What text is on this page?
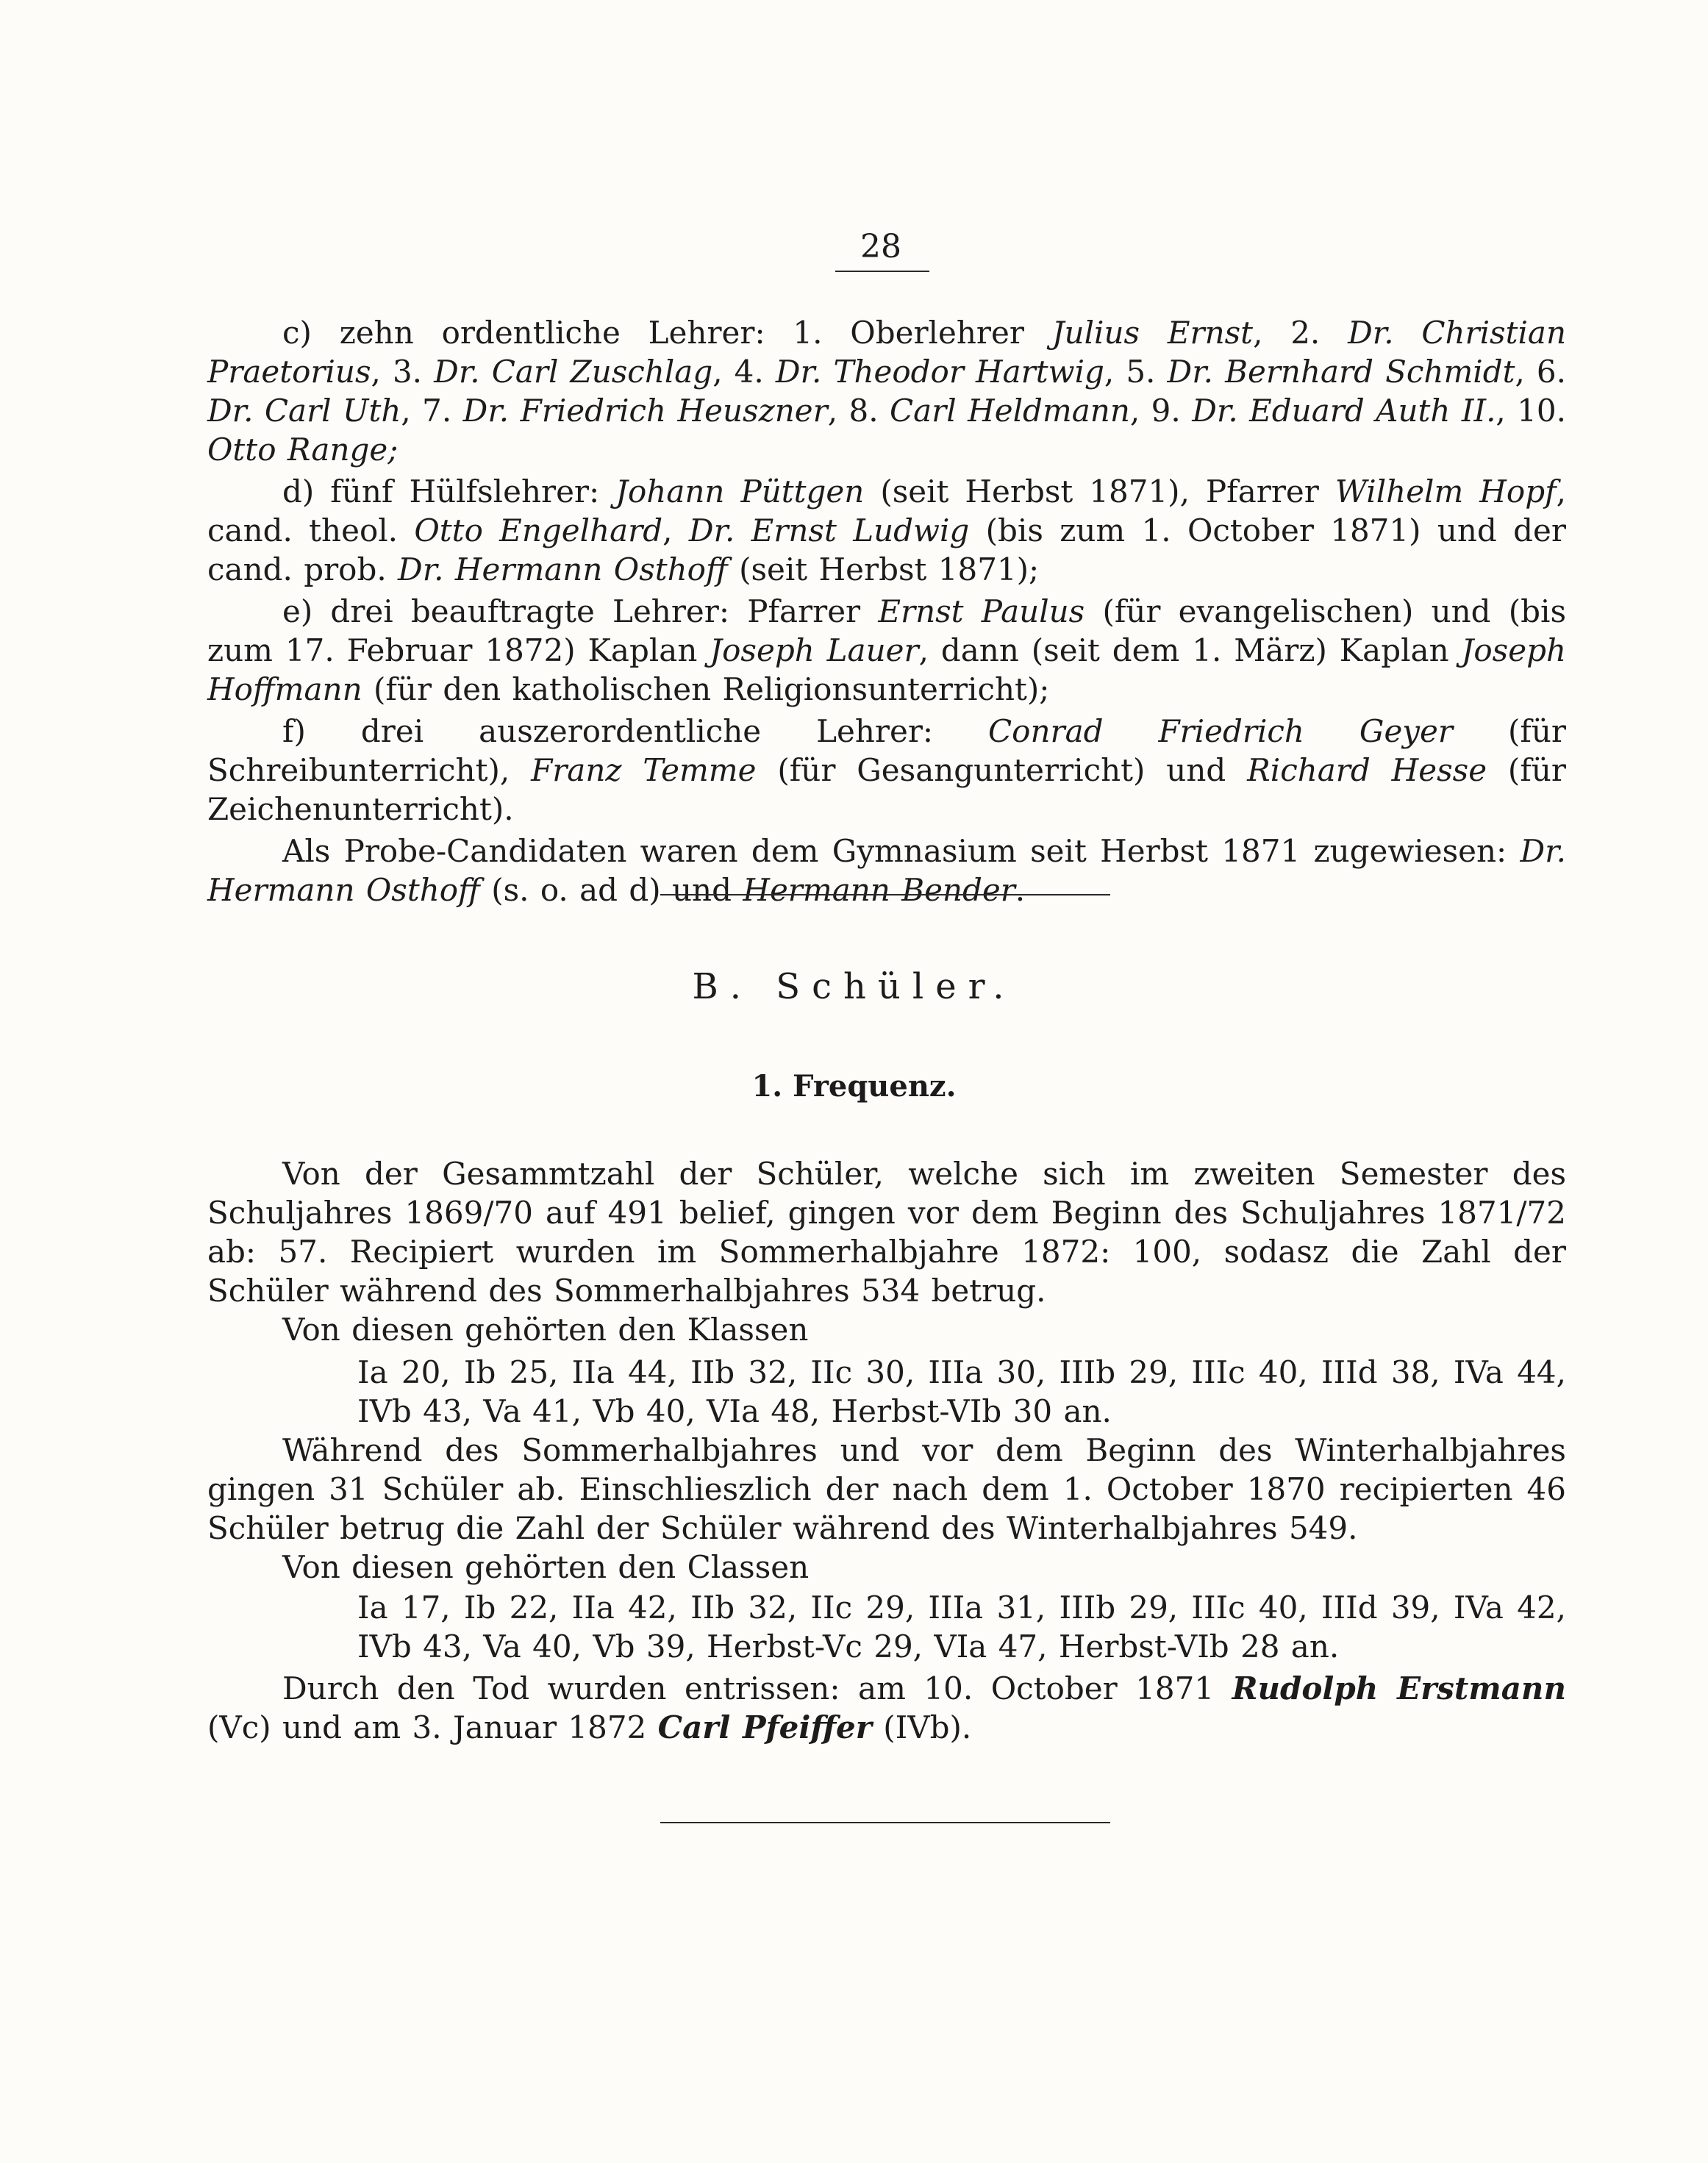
28

c) zehn ordentliche Lehrer: 1. Oberlehrer Julius Ernst, 2. Dr. Christian Praetorius, 3. Dr. Carl Zuschlag, 4. Dr. Theodor Hartwig, 5. Dr. Bernhard Schmidt, 6. Dr. Carl Uth, 7. Dr. Friedrich Heuszner, 8. Carl Heldmann, 9. Dr. Eduard Auth II., 10. Otto Range;

d) fünf Hülfslehrer: Johann Püttgen (seit Herbst 1871), Pfarrer Wilhelm Hopf, cand. theol. Otto Engelhard, Dr. Ernst Ludwig (bis zum 1. October 1871) und der cand. prob. Dr. Hermann Osthoff (seit Herbst 1871);

e) drei beauftragte Lehrer: Pfarrer Ernst Paulus (für evangelischen) und (bis zum 17. Februar 1872) Kaplan Joseph Lauer, dann (seit dem 1. März) Kaplan Joseph Hoffmann (für den katholischen Religionsunterricht);

f) drei auszerordentliche Lehrer: Conrad Friedrich Geyer (für Schreibunterricht), Franz Temme (für Gesangunterricht) und Richard Hesse (für Zeichenunterricht).

Als Probe-Candidaten waren dem Gymnasium seit Herbst 1871 zugewiesen: Dr. Hermann Osthoff (s. o. ad d) und Hermann Bender.

B. Schüler.
1. Frequenz.

Von der Gesammtzahl der Schüler, welche sich im zweiten Semester des Schuljahres 1869/70 auf 491 belief, gingen vor dem Beginn des Schuljahres 1871/72 ab: 57. Recipiert wurden im Sommerhalbjahre 1872: 100, sodasz die Zahl der Schüler während des Sommerhalbjahres 534 betrug.

Von diesen gehörten den Klassen

Ia 20, Ib 25, IIa 44, IIb 32, IIc 30, IIIa 30, IIIb 29, IIIc 40, IIId 38, IVa 44, IVb 43, Va 41, Vb 40, VIa 48, Herbst-VIb 30 an.

Während des Sommerhalbjahres und vor dem Beginn des Winterhalbjahres gingen 31 Schüler ab. Einschlieszlich der nach dem 1. October 1870 recipierten 46 Schüler betrug die Zahl der Schüler während des Winterhalbjahres 549.

Von diesen gehörten den Classen

Ia 17, Ib 22, IIa 42, IIb 32, IIc 29, IIIa 31, IIIb 29, IIIc 40, IIId 39, IVa 42, IVb 43, Va 40, Vb 39, Herbst-Vc 29, VIa 47, Herbst-VIb 28 an.

Durch den Tod wurden entrissen: am 10. October 1871 Rudolph Erstmann (Vc) und am 3. Januar 1872 Carl Pfeiffer (IVb).
